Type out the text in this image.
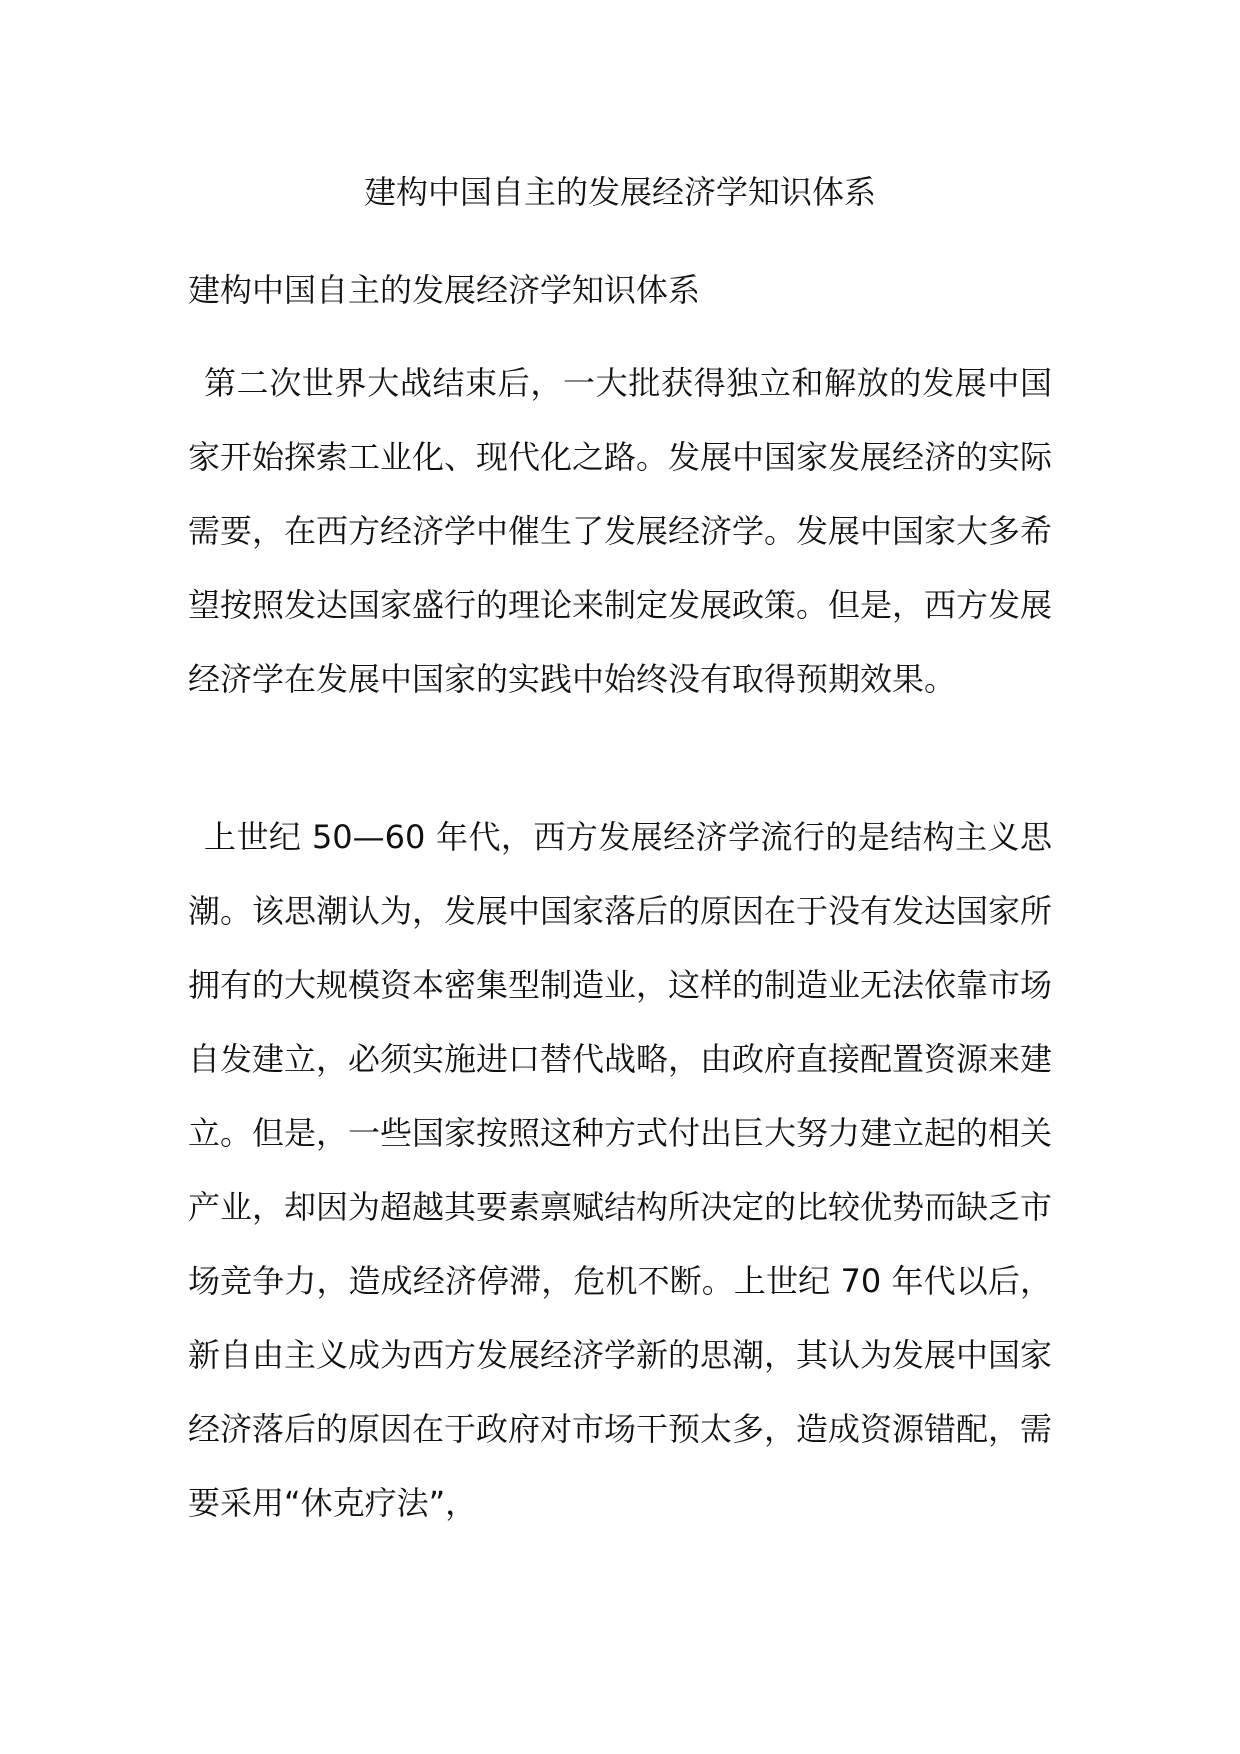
建构中国自主的发展经济学知识体系
建构中国自主的发展经济学知识体系

第二次世界大战结束后，一大批获得独立和解放的发展中国家开始探索工业化、现代化之路。发展中国家发展经济的实际需要，在西方经济学中催生了发展经济学。发展中国家大多希望按照发达国家盛行的理论来制定发展政策。但是，西方发展经济学在发展中国家的实践中始终没有取得预期效果。

上世纪 50—60 年代，西方发展经济学流行的是结构主义思潮。该思潮认为，发展中国家落后的原因在于没有发达国家所拥有的大规模资本密集型制造业，这样的制造业无法依靠市场自发建立，必须实施进口替代战略，由政府直接配置资源来建立。但是，一些国家按照这种方式付出巨大努力建立起的相关产业，却因为超越其要素禀赋结构所决定的比较优势而缺乏市场竞争力，造成经济停滞，危机不断。上世纪 70 年代以后，新自由主义成为西方发展经济学新的思潮，其认为发展中国家经济落后的原因在于政府对市场干预太多，造成资源错配，需要采用“休克疗法”，
